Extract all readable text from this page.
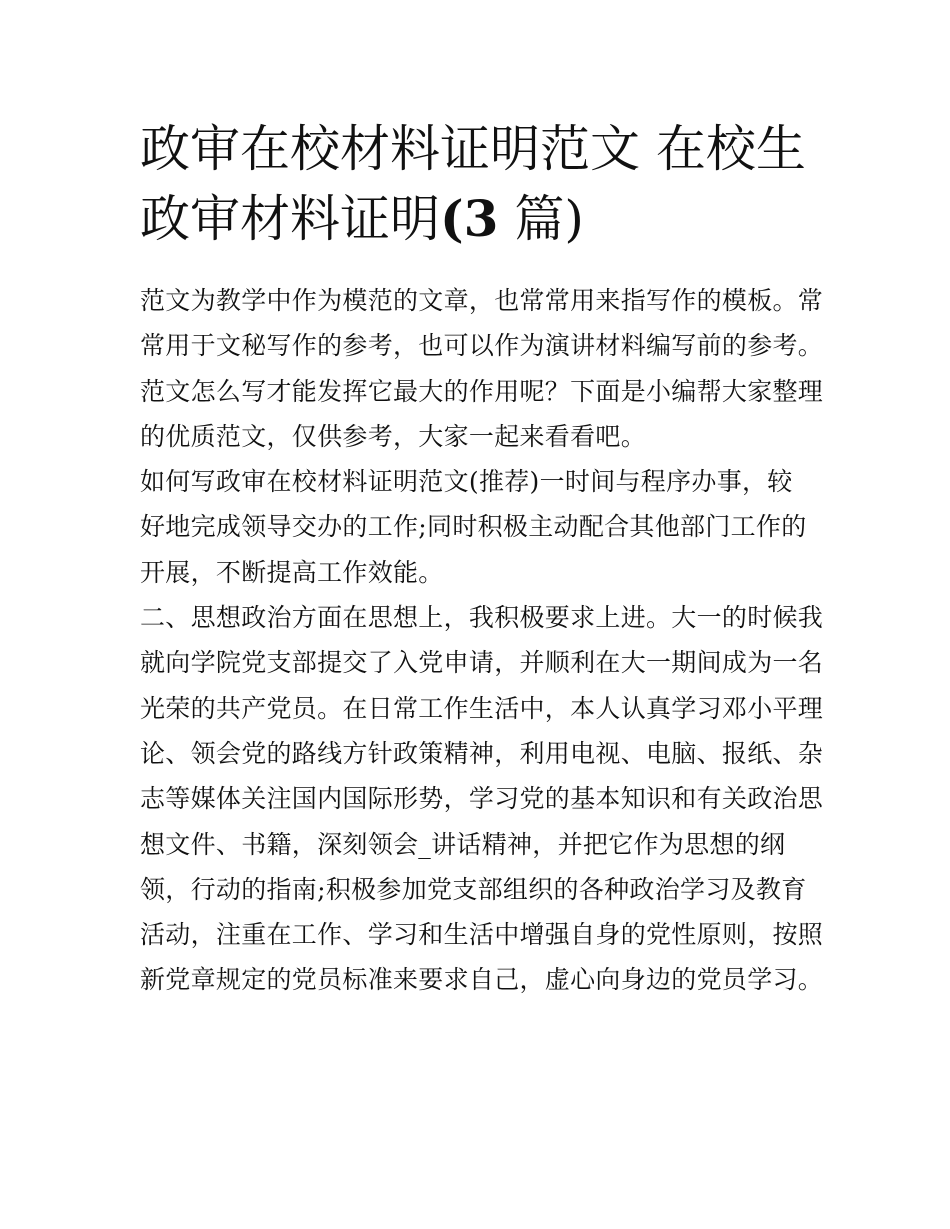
政审在校材料证明范文 在校生
政审材料证明(3 篇)
范文为教学中作为模范的文章，也常常用来指写作的模板。常
常用于文秘写作的参考，也可以作为演讲材料编写前的参考。
范文怎么写才能发挥它最大的作用呢？下面是小编帮大家整理
的优质范文，仅供参考，大家一起来看看吧。
如何写政审在校材料证明范文(推荐)一时间与程序办事，较
好地完成领导交办的工作;同时积极主动配合其他部门工作的
开展，不断提高工作效能。
二、思想政治方面在思想上，我积极要求上进。大一的时候我
就向学院党支部提交了入党申请，并顺利在大一期间成为一名
光荣的共产党员。在日常工作生活中，本人认真学习邓小平理
论、领会党的路线方针政策精神，利用电视、电脑、报纸、杂
志等媒体关注国内国际形势，学习党的基本知识和有关政治思
想文件、书籍，深刻领会_讲话精神，并把它作为思想的纲
领，行动的指南;积极参加党支部组织的各种政治学习及教育
活动，注重在工作、学习和生活中增强自身的党性原则，按照
新党章规定的党员标准来要求自己，虚心向身边的党员学习。
